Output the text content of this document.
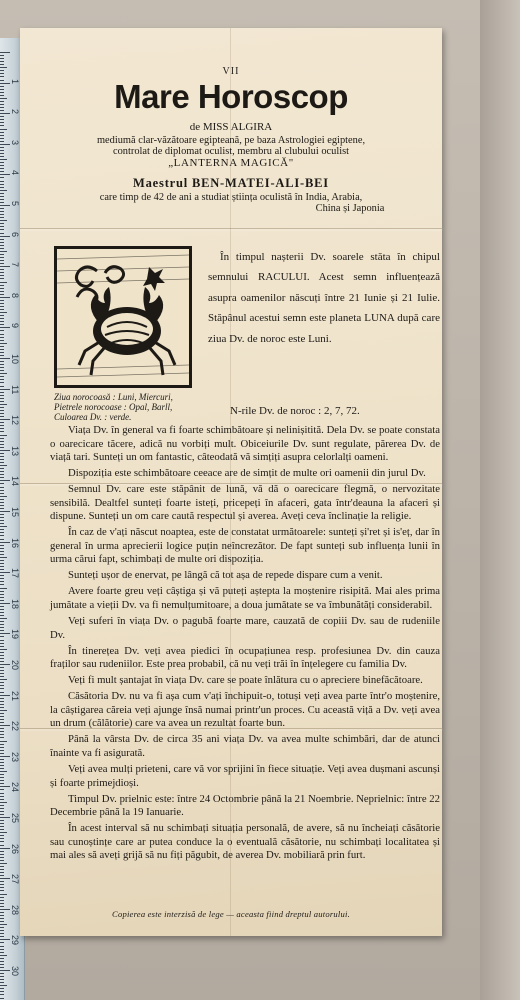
1
2
3
4
5
6
7
8
9
10
11
12
13
14
15
16
17
18
19
20
21
22
23
24
25
26
27
28
29
30
VII
Mare Horoscop
de MISS ALGIRA
mediumă clar-văzătoare egipteană, pe baza Astrologiei egiptene,
controlat de diplomat oculist, membru al clubului oculist
„LANTERNA MAGICĂ"
Maestrul BEN-MATEI-ALI-BEI
care timp de 42 de ani a studiat știința oculistă în India, Arabia,
China și Japonia
Ziua norocoasă : Luni, Miercuri,
Pietrele norocoase : Opal, Barll,
Culoarea Dv. : verde.

În timpul nașterii Dv. soarele stăta în chipul semnului RACULUI. Acest semn influențează asupra oamenilor născuți între 21 Iunie și 21 Iulie. Stăpânul acestui semn este planeta LUNA după care ziua Dv. de noroc este Luni.

N-rile Dv. de noroc : 2, 7, 72.

Viața Dv. în general va fi foarte schimbătoare și nelinișitită. Dela Dv. se poate constata o oarecicare tăcere, adică nu vorbiți mult. Obiceiurile Dv. sunt regulate, părerea Dv. de viață tari. Sunteți un om fantastic, câteodată vă simțiți asupra celorlalți oameni.

Dispoziția este schimbătoare ceeace are de simțit de multe ori oamenii din jurul Dv.

Semnul Dv. care este stăpânit de lună, vă dă o oarecicare flegmă, o nervozitate sensibilă. Dealtfel sunteți foarte isteți, pricepeți în afaceri, gata într'deauna la afaceri și dispune. Sunteți un om care caută respectul și averea. Aveți ceva înclinație la religie.

În caz de v'ați născut noaptea, este de constatat următoarele: sunteți și'ret și is'eț, dar în general în urma aprecierii logice puțin neîncrezător. De fapt sunteți sub influența lunii în urma cărui fapt, schimbați de multe ori dispoziția.

Sunteți ușor de enervat, pe lângă că tot așa de repede dispare cum a venit.

Avere foarte greu veți câștiga și vă puteți aștepta la moștenire risipită. Mai ales prima jumătate a vieții Dv. va fi nemulțumitoare, a doua jumătate se va îmbunătăți considerabil.

Veți suferi în viața Dv. o pagubă foarte mare, cauzată de copiii Dv. sau de rudeniile Dv.

În tinerețea Dv. veți avea piedici în ocupațiunea resp. profesiunea Dv. din cauza fraților sau rudeniilor. Este prea probabil, că nu veți trăi în înțelegere cu familia Dv.

Veți fi mult șantajat în viața Dv. care se poate înlătura cu o apreciere binefăcătoare.

Căsătoria Dv. nu va fi așa cum v'ați închipuit-o, totuși veți avea parte într'o moștenire, la câștigarea căreia veți ajunge însă numai printr'un proces. Cu această viță a Dv. veți avea un drum (călătorie) care va avea un rezultat foarte bun.

Până la vârsta Dv. de circa 35 ani viața Dv. va avea multe schimbări, dar de atunci înainte va fi asigurată.

Veți avea mulți prieteni, care vă vor sprijini în fiece situație. Veți avea dușmani ascunși și foarte primejdioși.

Timpul Dv. prielnic este: între 24 Octombrie până la 21 Noembrie. Neprielnic: între 22 Decembrie până la 19 Ianuarie.

În acest interval să nu schimbați situația personală, de avere, să nu încheiați căsătorie sau cunoștințe care ar putea conduce la o eventuală căsătorie, nu schimbați localitatea și mai ales să aveți grijă să nu fiți păgubit, de averea Dv. mobiliară prin furt.

Copierea este interzisă de lege — aceasta fiind dreptul autorului.
